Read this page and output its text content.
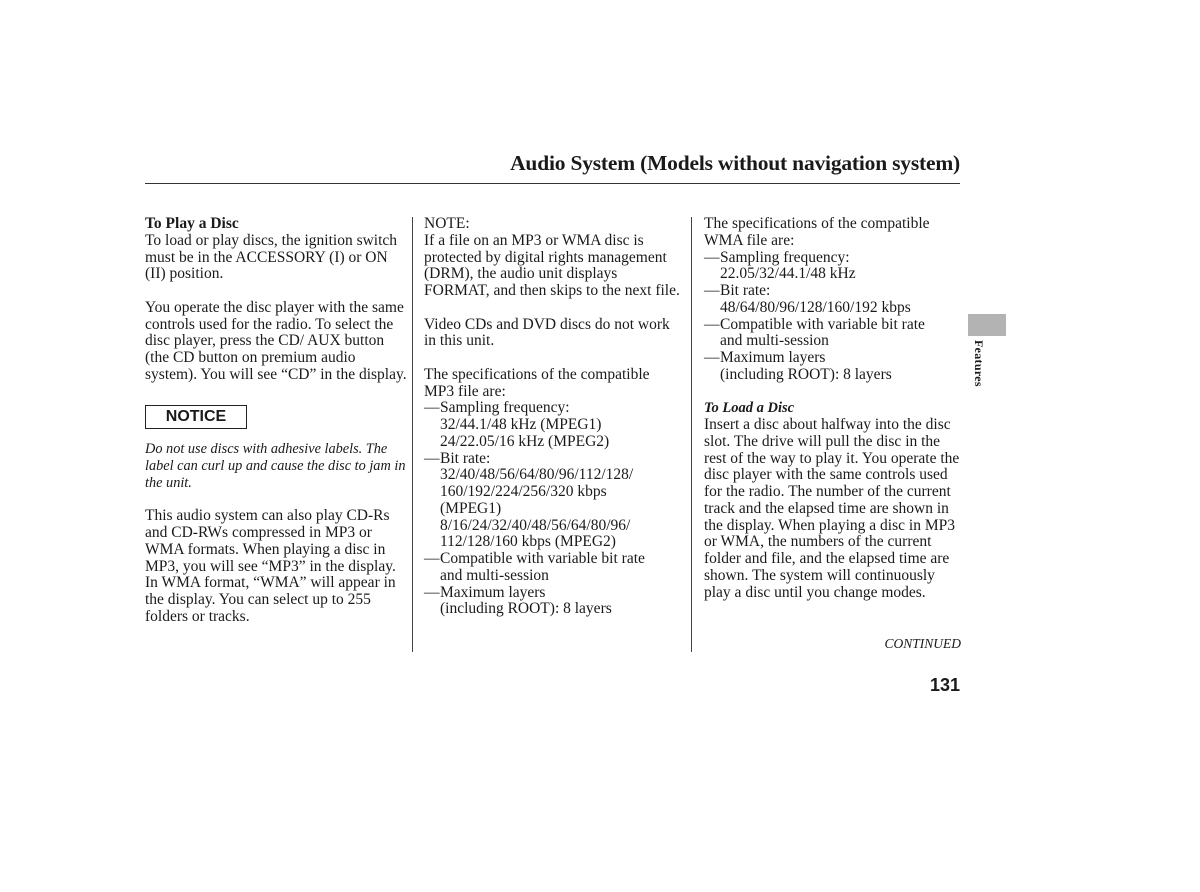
Audio System (Models without navigation system)
To Play a Disc

To load or play discs, the ignition switch must be in the ACCESSORY (I) or ON (II) position.

You operate the disc player with the same controls used for the radio. To select the disc player, press the CD/ AUX button (the CD button on premium audio system). You will see “CD” in the display.

NOTICE

Do not use discs with adhesive labels. The label can curl up and cause the disc to jam in the unit.

This audio system can also play CD-Rs and CD-RWs compressed in MP3 or WMA formats. When playing a disc in MP3, you will see “MP3” in the display. In WMA format, “WMA” will appear in the display. You can select up to 255 folders or tracks.

NOTE:

If a file on an MP3 or WMA disc is protected by digital rights management (DRM), the audio unit displays FORMAT, and then skips to the next file.

Video CDs and DVD discs do not work in this unit.

The specifications of the compatible MP3 file are:
— Sampling frequency:
32/44.1/48 kHz (MPEG1)
24/22.05/16 kHz (MPEG2)
— Bit rate:
32/40/48/56/64/80/96/112/128/
160/192/224/256/320 kbps
(MPEG1)
8/16/24/32/40/48/56/64/80/96/
112/128/160 kbps (MPEG2)
— Compatible with variable bit rate
and multi-session
— Maximum layers
(including ROOT): 8 layers
The specifications of the compatible WMA file are:
— Sampling frequency:
22.05/32/44.1/48 kHz
— Bit rate:
48/64/80/96/128/160/192 kbps
— Compatible with variable bit rate
and multi-session
— Maximum layers
(including ROOT): 8 layers
To Load a Disc

Insert a disc about halfway into the disc slot. The drive will pull the disc in the rest of the way to play it. You operate the disc player with the same controls used for the radio. The number of the current track and the elapsed time are shown in the display. When playing a disc in MP3 or WMA, the numbers of the current folder and file, and the elapsed time are shown. The system will continuously play a disc until you change modes.

CONTINUED
131
Features
